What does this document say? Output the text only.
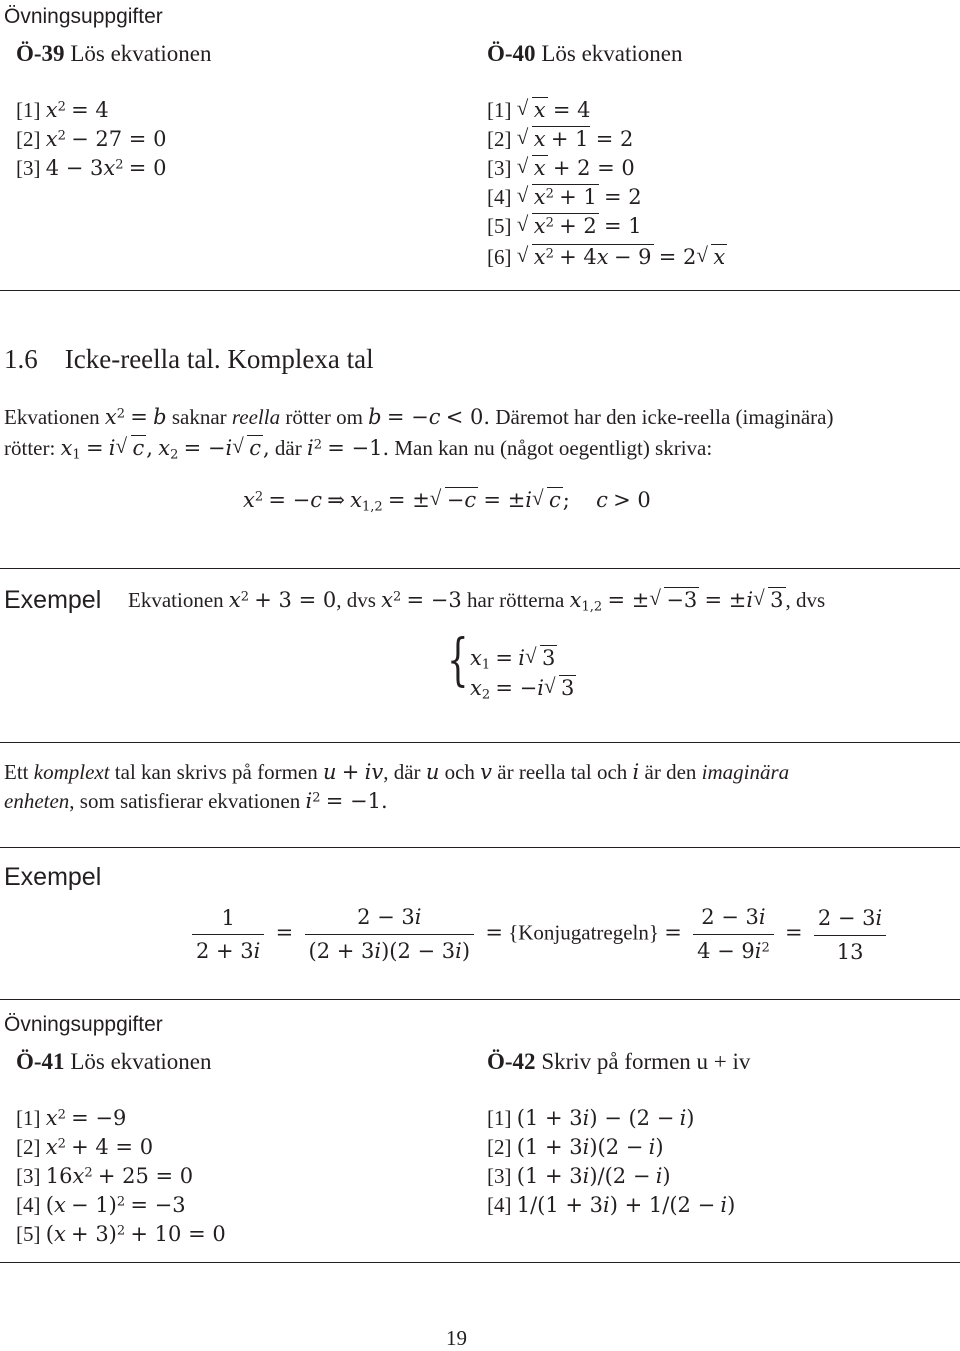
Övningsuppgifter
Ö-39 Lös ekvationen
[1] $x^2 = 4$
[2] $x^2 - 27 = 0$
[3] $4 - 3x^2 = 0$
Ö-40 Lös ekvationen
[1] √ x = 4
[2] √ x + 1 = 2
[3] √ x + 2 = 0
[4] √ $x^2 + 1 = 2$
[5] √ $x^2 + 2 = 1$
[6] √ $x^2 + 4x - 9 = 2√$ x
1.6 Icke-reella tal. Komplexa tal
Ekvationen $x^2 = b$ saknar reella rötter om b = −c < 0. Däremot har den icke-reella (imaginära)
rötter: $x_1 = i√$ c, $x_2 = -i√$ c, där $i^2 = -1$. Man kan nu (något oegentligt) skriva:
$x^2 = -c$ ⇒ $x_{1,2}$ = ±√ −c = ±i√ c; c > 0
Exempel Ekvationen $x^2 + 3 = 0$, dvs $x^2 = -3$ har rötterna $x_{1,2}$ = ±√ −3 = ±i√ 3, dvs
{ $x_1 = i√$ 3
$x_2 = -i√$ 3
Ett komplext tal kan skrivs på formen u + iv, där u och v är reella tal och i är den imaginära
enheten, som satisfierar ekvationen $i^2 = -1$.
Exempel
$\frac{1}{2 + 3i} = \frac{2 - 3i}{(2 + 3i)(2 - 3i)}$ = {Konjugatregeln} = $\frac{2 - 3i}{4 - 9i^2} = \frac{2 - 3i}{13}$
Övningsuppgifter
Ö-41 Lös ekvationen
[1] $x^2 = -9$
[2] $x^2 + 4 = 0$
[3] $16x^2 + 25 = 0$
[4] $(x - 1)^2 = -3$
[5] $(x + 3)^2 + 10 = 0$
Ö-42 Skriv på formen u + iv
[1] (1 + 3i) − (2 − i)
[2] (1 + 3i)(2 − i)
[3] (1 + 3i)/(2 − i)
[4] 1/(1 + 3i) + 1/(2 − i)
19
